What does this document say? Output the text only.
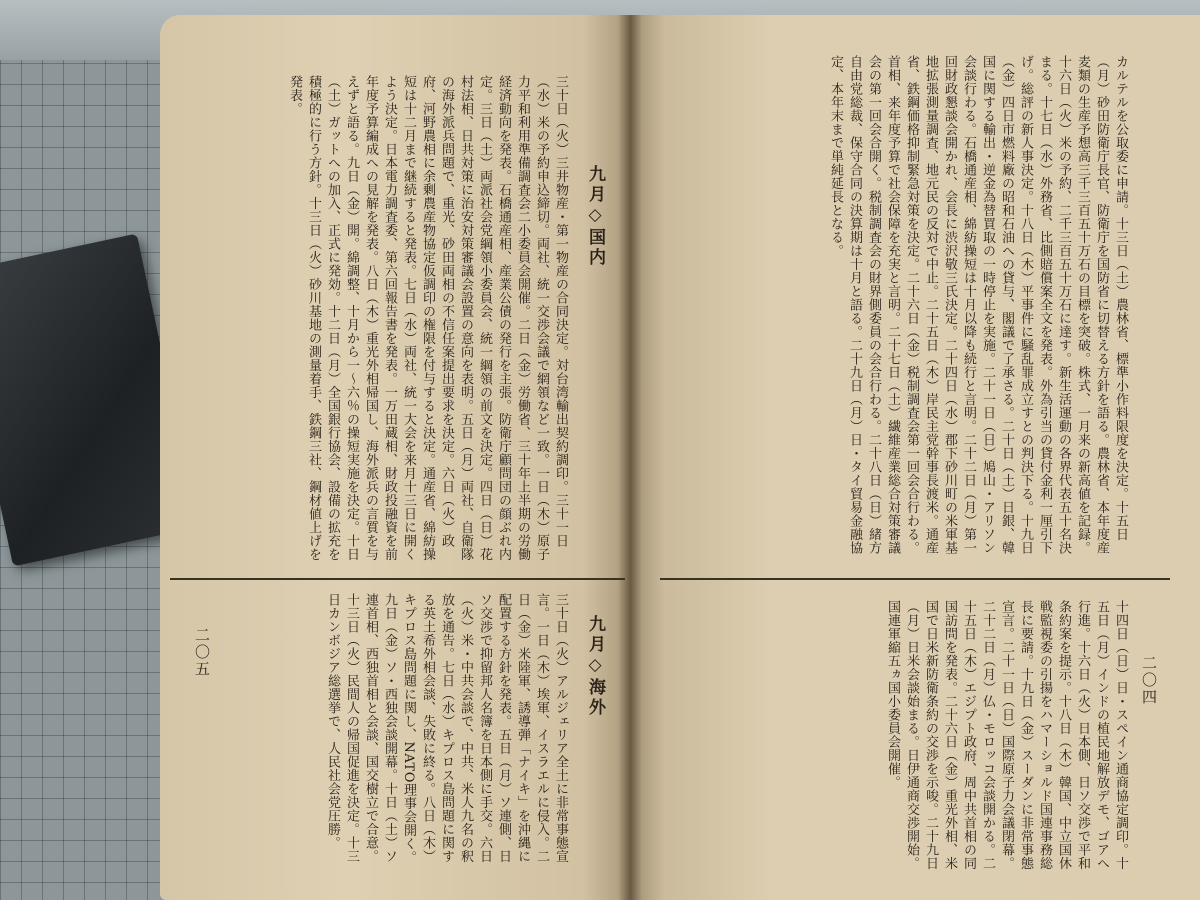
三十日（火）三井物産・第一物産の合同決定。対台湾輸出契約調印。三十一日（水）米の予約申込締切。両社、統一交渉会議で網領など一致。一日（木）原子力平和利用準備調査会二小委員会開催。二日（金）労働省、三十年上半期の労働経済動向を発表。石橋通産相、産業公債の発行を主張。防衛庁顧問団の顔ぶれ内定。三日（土）両派社会党綱領小委員会、統一綱領の前文を決定。四日（日）花村法相、日共対策に治安対策審議会設置の意向を表明。五日（月）両社、自衛隊の海外派兵問題で、重光、砂田両相の不信任案提出要求を決定。六日（火）政府、河野農相に余剰農産物協定仮調印の権限を付与すると決定。通産省、綿紡操短は十二月まで継続すると発表。七日（水）両社、統一大会を来月十三日に開くよう決定。日本電力調査委、第六回報告書を発表。一万田蔵相、財政投融資を前年度予算編成への見解を発表。八日（木）重光外相帰国し、海外派兵の言質を与えずと語る。九日（金）開。綿調整、十月から一〜六％の操短実施を決定。十日（土）ガットへの加入、正式に発効。十二日（月）全国銀行協会、設備の拡充を積極的に行う方針。十三日（火）砂川基地の測量着手、鉄鋼三社、鋼材値上げを発表。
九月◇国内
三十日（火）アルジェリア全土に非常事態宣言。一日（木）埃軍、イスラエルに侵入。二日（金）米陸軍、誘導弾「ナイキ」を沖縄に配置する方針を発表。五日（月）ソ連側、日ソ交渉で抑留邦人名簿を日本側に手交。六日（火）米・中共会談で、中共、米人九名の釈放を通告。七日（水）キプロス島問題に関する英土希外相会談、失敗に終る。八日（木）キプロス島問題に関し、NATO理事会開く。九日（金）ソ・西独会談開幕。十日（土）ソ連首相、西独首相と会談、国交樹立で合意。十三日（火）民間人の帰国促進を決定。十三日カンボジア総選挙で、人民社会党圧勝。	九月◇海外
二〇五
カルテルを公取委に申請。十三日（土）農林省、標準小作料限度を決定。十五日（月）砂田防衛庁長官、防衛庁を国防省に切替える方針を語る。農林省、本年度産麦類の生産予想高三千三百五十万石の目標を突破。株式、一月来の新高値を記録。十六日（火）米の予約、二千三百五十万石に達す。新生活運動の各界代表五十名決まる。十七日（水）外務省、比側賠償案全文を発表。外為引当の貸付金利一厘引下げ。総評の新人事決定。十八日（木）平事件に騒乱罪成立すとの判決下る。十九日（金）四日市燃料廠の昭和石油への貸与、閣議で了承さる。二十日（土）日銀、韓国に関する輸出・逆金為替買取の一時停止を実施。二十一日（日）鳩山・アリソン会談行わる。石橋通産相、綿紡操短は十月以降も続行と言明。二十二日（月）第一回財政懇談会開かれ、会長に渋沢敬三氏決定。二十四日（水）郡下砂川町の米軍基地拡張測量調査、地元民の反対で中止。二十五日（木）岸民主党幹事長渡米。通産省、鉄鋼価格抑制緊急対策を決定。二十六日（金）税制調査会第一回会合行わる。首相、来年度予算で社会保障を充実と言明。二十七日（土）繊維産業総合対策審議会の第一回会合開く。税制調査会の財界側委員の会合行わる。二十八日（日）緒方自由党総裁、保守合同の決算期は十月と語る。二十九日（月）日・タイ貿易金融協定、本年末まで単純延長となる。
十四日（日）日・スペイン通商協定調印。十五日（月）インドの植民地解放デモ、ゴアへ行進。十六日（火）日本側、日ソ交渉で平和条約案を提示。十八日（木）韓国、中立国休戦監視委の引揚をハマーショルド国連事務総長に要請。十九日（金）スーダンに非常事態宣言。二十一日（日）国際原子力会議閉幕。二十二日（月）仏・モロッコ会談開かる。二十五日（木）エジプト政府、周中共首相の同国訪問を発表。二十六日（金）重光外相、米国で日米新防衛条約の交渉を示唆。二十九日（月）日米会談始まる。日伊通商交渉開始。国連軍縮五ヵ国小委員会開催。	二〇四
